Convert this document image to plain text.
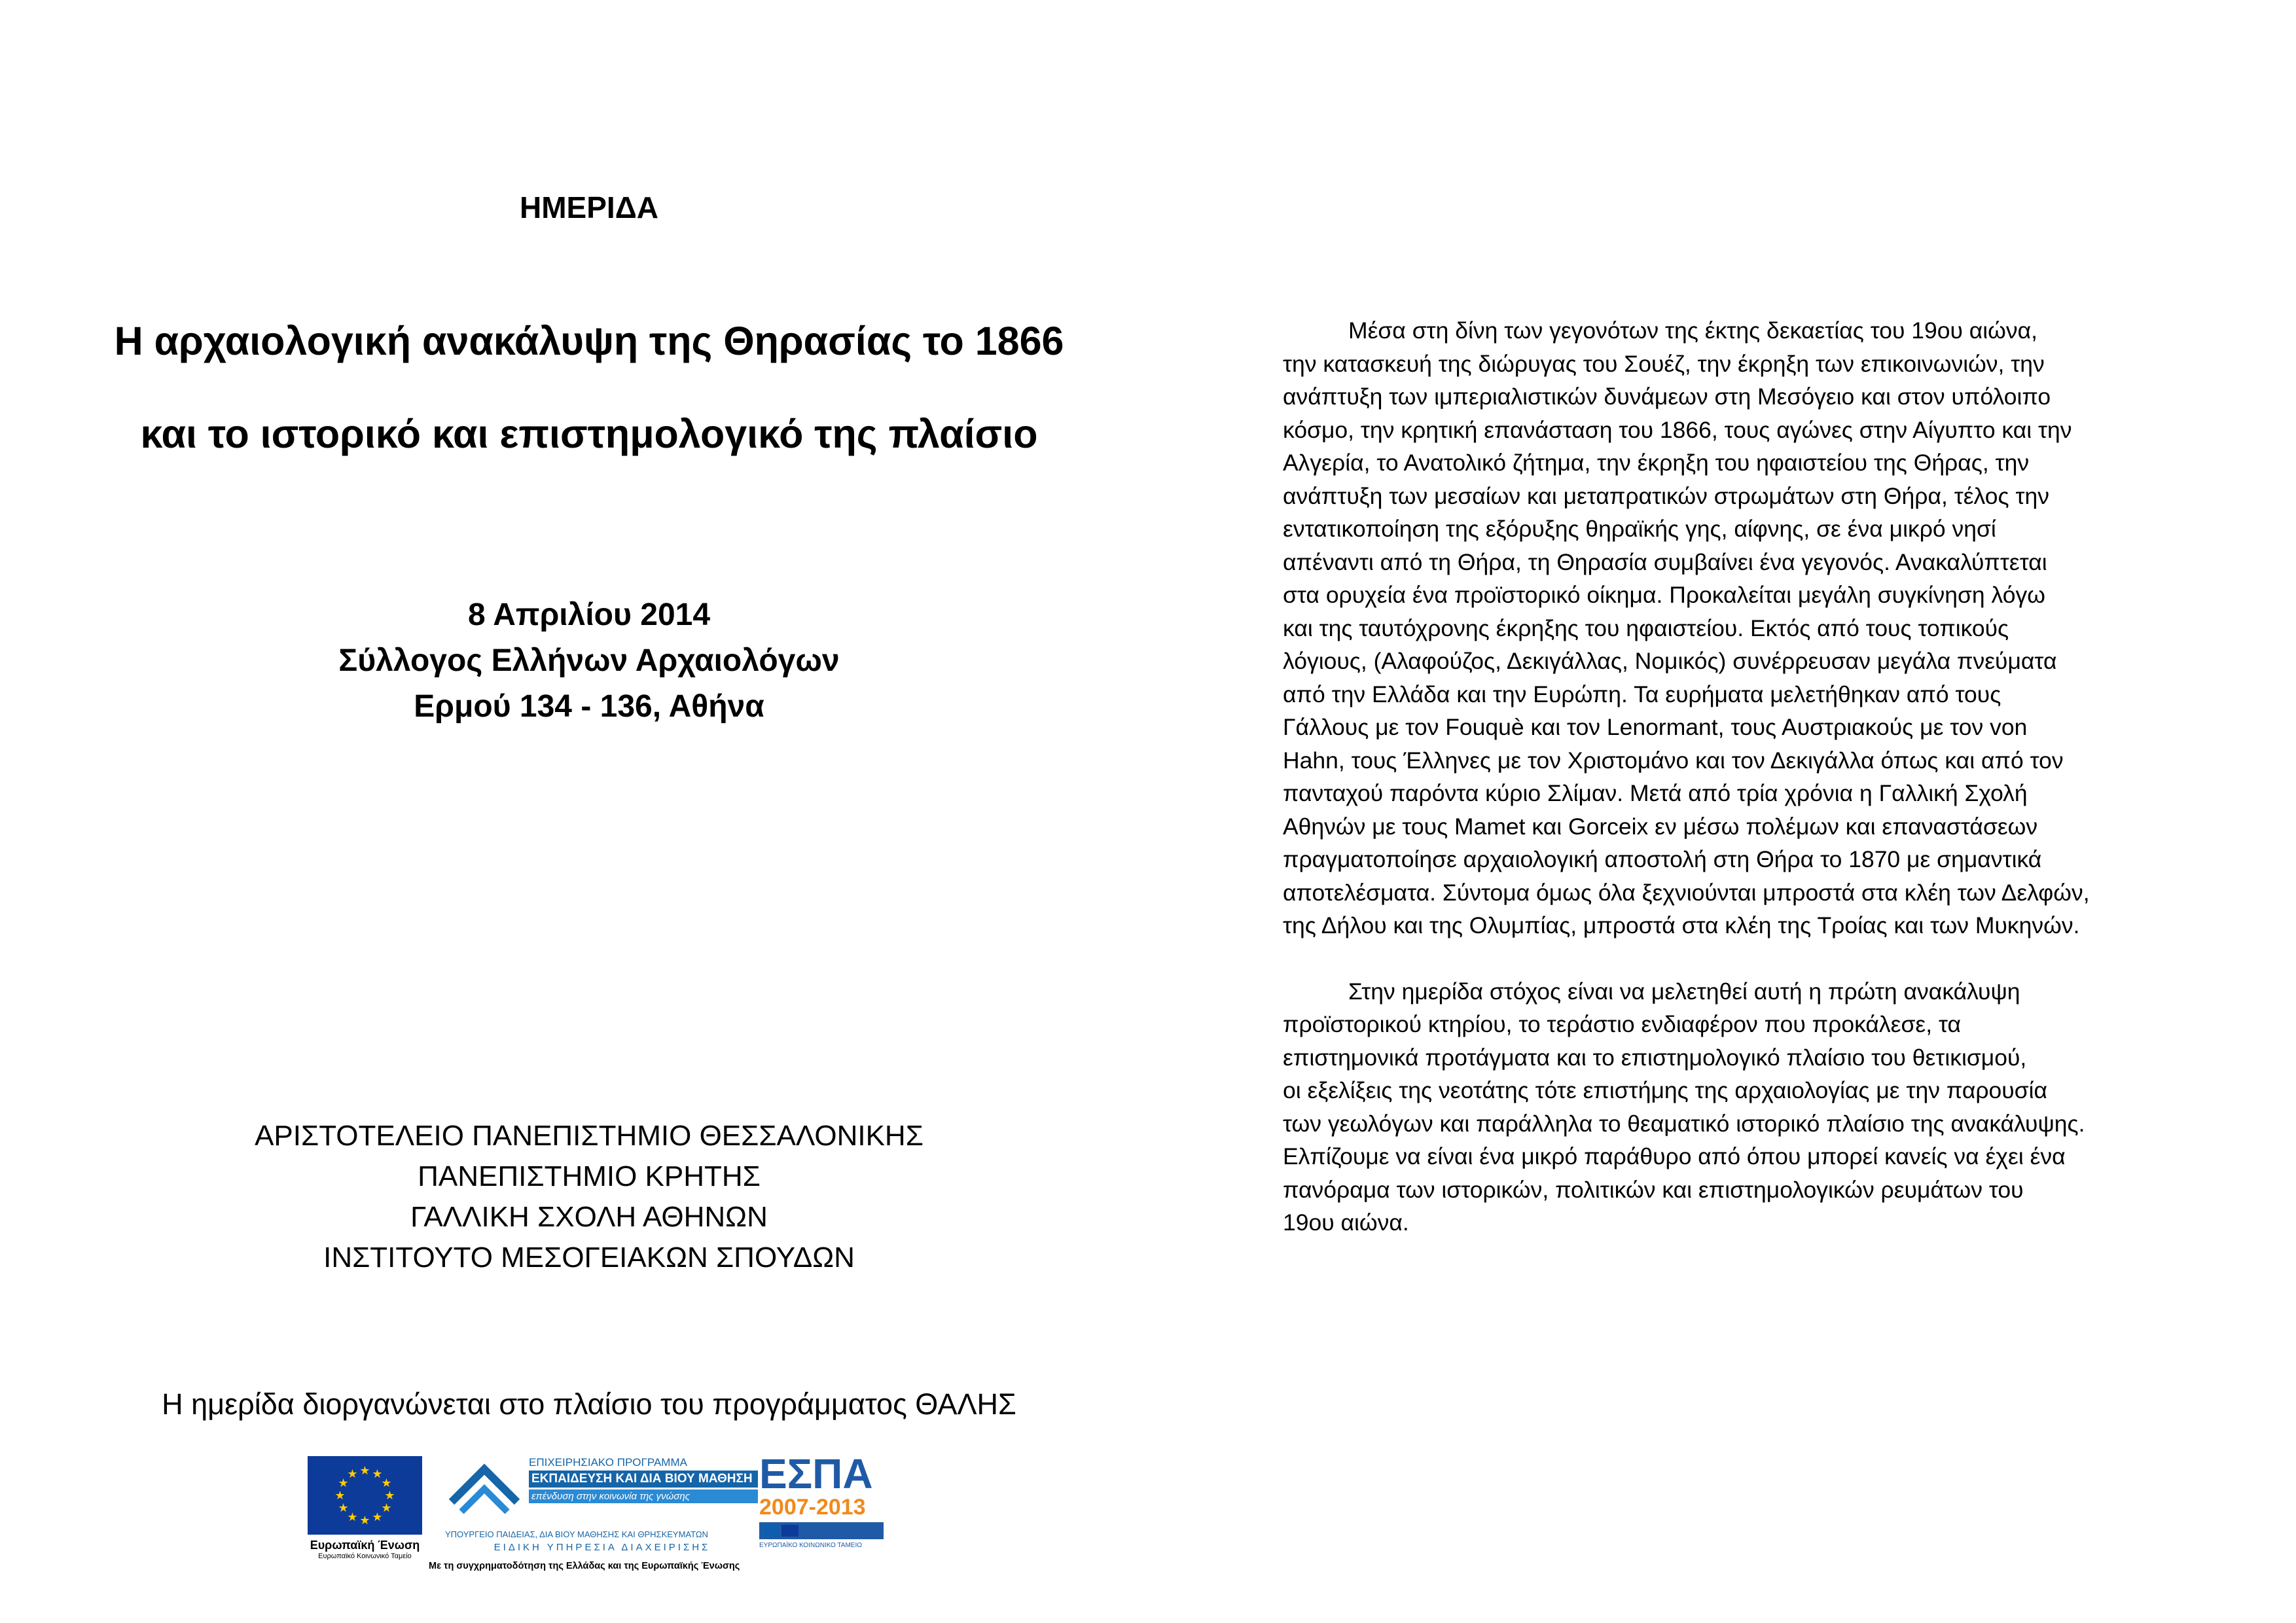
ΗΜΕΡΙΔΑ
Η αρχαιολογική ανακάλυψη της Θηρασίας το 1866
και το ιστορικό και επιστημολογικό της πλαίσιο
8 Απριλίου 2014
Σύλλογος Ελλήνων Αρχαιολόγων
Ερμού 134 - 136, Αθήνα
ΑΡΙΣΤΟΤΕΛΕΙΟ ΠΑΝΕΠΙΣΤΗΜΙΟ ΘΕΣΣΑΛΟΝΙΚΗΣ
ΠΑΝΕΠΙΣΤΗΜΙΟ ΚΡΗΤΗΣ
ΓΑΛΛΙΚΗ ΣΧΟΛΗ ΑΘΗΝΩΝ
ΙΝΣΤΙΤΟΥΤΟ ΜΕΣΟΓΕΙΑΚΩΝ ΣΠΟΥΔΩΝ
Η ημερίδα διοργανώνεται στο πλαίσιο του προγράμματος ΘΑΛΗΣ
Μέσα στη δίνη των γεγονότων της έκτης δεκαετίας του 19ου αιώνα,
την κατασκευή της διώρυγας του Σουέζ, την έκρηξη των επικοινωνιών, την
ανάπτυξη των ιμπεριαλιστικών δυνάμεων στη Μεσόγειο και στον υπόλοιπο
κόσμο, την κρητική επανάσταση του 1866, τους αγώνες στην Αίγυπτο και την
Αλγερία, το Ανατολικό ζήτημα, την έκρηξη του ηφαιστείου της Θήρας, την
ανάπτυξη των μεσαίων και μεταπρατικών στρωμάτων στη Θήρα, τέλος την
εντατικοποίηση της εξόρυξης θηραϊκής γης, αίφνης, σε ένα μικρό νησί
απέναντι από τη Θήρα, τη Θηρασία συμβαίνει ένα γεγονός. Ανακαλύπτεται
στα ορυχεία ένα προϊστορικό οίκημα. Προκαλείται μεγάλη συγκίνηση λόγω
και της ταυτόχρονης έκρηξης του ηφαιστείου. Εκτός από τους τοπικούς
λόγιους, (Αλαφούζος, Δεκιγάλλας, Νομικός) συνέρρευσαν μεγάλα πνεύματα
από την Ελλάδα και την Ευρώπη. Τα ευρήματα μελετήθηκαν από τους
Γάλλους με τον Fouquè και τον Lenormant, τους Αυστριακούς με τον von
Hahn, τους Έλληνες με τον Χριστομάνο και τον Δεκιγάλλα όπως και από τον
πανταχού παρόντα κύριο Σλίμαν. Μετά από τρία χρόνια η Γαλλική Σχολή
Αθηνών με τους Mamet και Gorceix εν μέσω πολέμων και επαναστάσεων
πραγματοποίησε αρχαιολογική αποστολή στη Θήρα το 1870 με σημαντικά
αποτελέσματα. Σύντομα όμως όλα ξεχνιούνται μπροστά στα κλέη των Δελφών,
της Δήλου και της Ολυμπίας, μπροστά στα κλέη της Τροίας και των Μυκηνών.
Στην ημερίδα στόχος είναι να μελετηθεί αυτή η πρώτη ανακάλυψη
προϊστορικού κτηρίου, το τεράστιο ενδιαφέρον που προκάλεσε, τα
επιστημονικά προτάγματα και το επιστημολογικό πλαίσιο του θετικισμού,
οι εξελίξεις της νεοτάτης τότε επιστήμης της αρχαιολογίας με την παρουσία
των γεωλόγων και παράλληλα το θεαματικό ιστορικό πλαίσιο της ανακάλυψης.
Ελπίζουμε να είναι ένα μικρό παράθυρο από όπου μπορεί κανείς να έχει ένα
πανόραμα των ιστορικών, πολιτικών και επιστημολογικών ρευμάτων του
19ου αιώνα.
★ ★
★
★
★
★
★
★
★
★
★
★
Ευρωπαϊκή Ένωση
Ευρωπαϊκό Κοινωνικό Ταμείο
ΕΠΙΧΕΙΡΗΣΙΑΚΟ ΠΡΟΓΡΑΜΜΑ
ΕΚΠΑΙΔΕΥΣΗ ΚΑΙ ΔΙΑ ΒΙΟΥ ΜΑΘΗΣΗ
επένδυση στην κοινωνία της γνώσης
ΥΠΟΥΡΓΕΙΟ ΠΑΙΔΕΙΑΣ, ΔΙΑ ΒΙΟΥ ΜΑΘΗΣΗΣ ΚΑΙ ΘΡΗΣΚΕΥΜΑΤΩΝ
ΕΙΔΙΚΗ ΥΠΗΡΕΣΙΑ ΔΙΑΧΕΙΡΙΣΗΣ
ΕΣΠΑ
2007-2013
ΕΥΡΩΠΑΪΚΟ ΚΟΙΝΩΝΙΚΟ ΤΑΜΕΙΟ
Με τη συγχρηματοδότηση της Ελλάδας και της Ευρωπαϊκής Ένωσης
